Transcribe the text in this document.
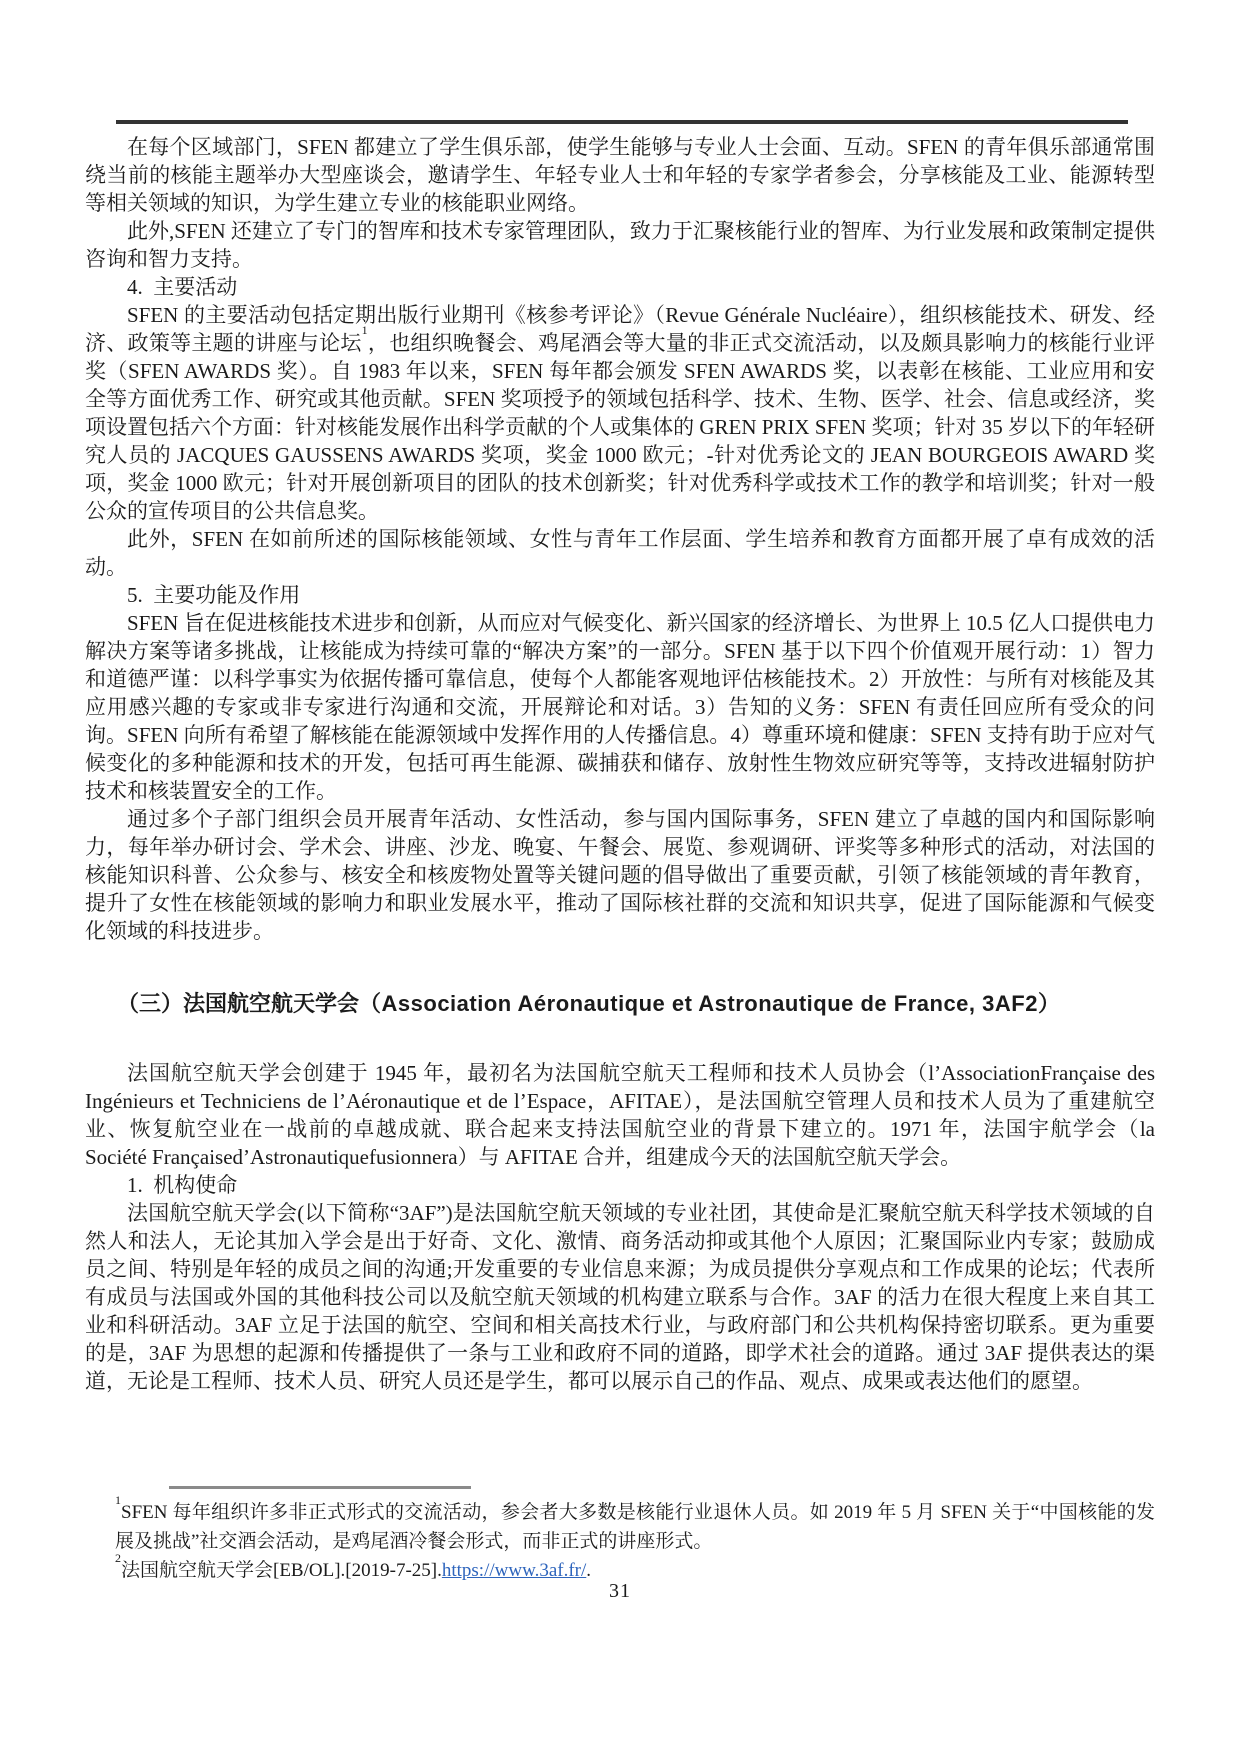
在每个区域部门，SFEN 都建立了学生俱乐部，使学生能够与专业人士会面、互动。SFEN 的青年俱乐部通常围绕当前的核能主题举办大型座谈会，邀请学生、年轻专业人士和年轻的专家学者参会，分享核能及工业、能源转型等相关领域的知识，为学生建立专业的核能职业网络。

此外,SFEN 还建立了专门的智库和技术专家管理团队，致力于汇聚核能行业的智库、为行业发展和政策制定提供咨询和智力支持。

4.  主要活动

SFEN 的主要活动包括定期出版行业期刊《核参考评论》（Revue Générale Nucléaire），组织核能技术、研发、经济、政策等主题的讲座与论坛$^1$，也组织晚餐会、鸡尾酒会等大量的非正式交流活动，以及颇具影响力的核能行业评奖（SFEN AWARDS 奖）。自 1983 年以来，SFEN 每年都会颁发 SFEN AWARDS 奖，以表彰在核能、工业应用和安全等方面优秀工作、研究或其他贡献。SFEN 奖项授予的领域包括科学、技术、生物、医学、社会、信息或经济，奖项设置包括六个方面：针对核能发展作出科学贡献的个人或集体的 GREN PRIX SFEN 奖项；针对 35 岁以下的年轻研究人员的 JACQUES GAUSSENS AWARDS 奖项，奖金 1000 欧元；-针对优秀论文的 JEAN BOURGEOIS AWARD 奖项，奖金 1000 欧元；针对开展创新项目的团队的技术创新奖；针对优秀科学或技术工作的教学和培训奖；针对一般公众的宣传项目的公共信息奖。

此外，SFEN 在如前所述的国际核能领域、女性与青年工作层面、学生培养和教育方面都开展了卓有成效的活动。

5.  主要功能及作用

SFEN 旨在促进核能技术进步和创新，从而应对气候变化、新兴国家的经济增长、为世界上 10.5 亿人口提供电力解决方案等诸多挑战，让核能成为持续可靠的“解决方案”的一部分。SFEN 基于以下四个价值观开展行动：1）智力和道德严谨：以科学事实为依据传播可靠信息，使每个人都能客观地评估核能技术。2）开放性：与所有对核能及其应用感兴趣的专家或非专家进行沟通和交流，开展辩论和对话。3）告知的义务：SFEN 有责任回应所有受众的问询。SFEN 向所有希望了解核能在能源领域中发挥作用的人传播信息。4）尊重环境和健康：SFEN 支持有助于应对气候变化的多种能源和技术的开发，包括可再生能源、碳捕获和储存、放射性生物效应研究等等，支持改进辐射防护技术和核装置安全的工作。

通过多个子部门组织会员开展青年活动、女性活动，参与国内国际事务，SFEN 建立了卓越的国内和国际影响力，每年举办研讨会、学术会、讲座、沙龙、晚宴、午餐会、展览、参观调研、评奖等多种形式的活动，对法国的核能知识科普、公众参与、核安全和核废物处置等关键问题的倡导做出了重要贡献，引领了核能领域的青年教育，提升了女性在核能领域的影响力和职业发展水平，推动了国际核社群的交流和知识共享，促进了国际能源和气候变化领域的科技进步。

（三）法国航空航天学会（Association Aéronautique et Astronautique de France, 3AF2）

法国航空航天学会创建于 1945 年，最初名为法国航空航天工程师和技术人员协会（l’AssociationFrançaise des Ingénieurs et Techniciens de l’Aéronautique et de l’Espace，AFITAE），是法国航空管理人员和技术人员为了重建航空业、恢复航空业在一战前的卓越成就、联合起来支持法国航空业的背景下建立的。1971 年，法国宇航学会（la Société Françaised’Astronautiquefusionnera）与 AFITAE 合并，组建成今天的法国航空航天学会。

1.  机构使命

法国航空航天学会(以下简称“3AF”)是法国航空航天领域的专业社团，其使命是汇聚航空航天科学技术领域的自然人和法人，无论其加入学会是出于好奇、文化、激情、商务活动抑或其他个人原因；汇聚国际业内专家；鼓励成员之间、特别是年轻的成员之间的沟通;开发重要的专业信息来源；为成员提供分享观点和工作成果的论坛；代表所有成员与法国或外国的其他科技公司以及航空航天领域的机构建立联系与合作。3AF 的活力在很大程度上来自其工业和科研活动。3AF 立足于法国的航空、空间和相关高技术行业，与政府部门和公共机构保持密切联系。更为重要的是，3AF 为思想的起源和传播提供了一条与工业和政府不同的道路，即学术社会的道路。通过 3AF 提供表达的渠道，无论是工程师、技术人员、研究人员还是学生，都可以展示自己的作品、观点、成果或表达他们的愿望。

$^1$SFEN 每年组织许多非正式形式的交流活动，参会者大多数是核能行业退休人员。如 2019 年 5 月 SFEN 关于“中国核能的发展及挑战”社交酒会活动，是鸡尾酒冷餐会形式，而非正式的讲座形式。

$^2$法国航空航天学会[EB/OL].[2019-7-25].https://www.3af.fr/.

31
